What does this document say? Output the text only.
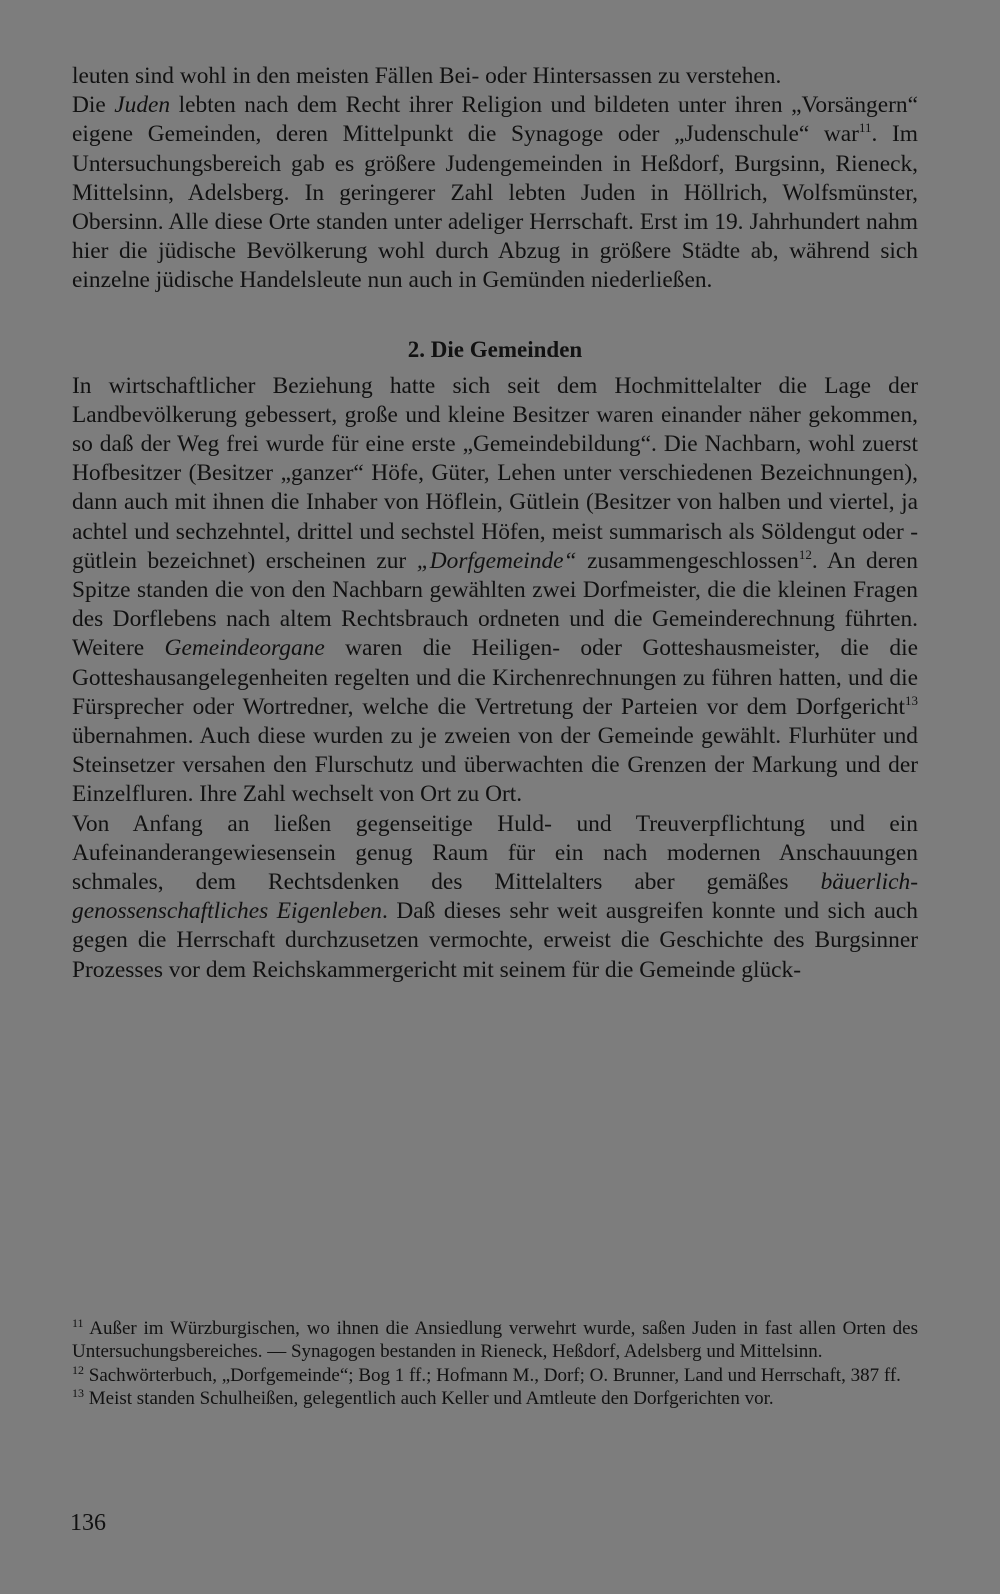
leuten sind wohl in den meisten Fällen Bei- oder Hintersassen zu verstehen.

Die Juden lebten nach dem Recht ihrer Religion und bildeten unter ihren „Vorsängern“ eigene Gemeinden, deren Mittelpunkt die Synagoge oder „Judenschule“ war$^{11}$. Im Untersuchungsbereich gab es größere Judengemeinden in Heßdorf, Burgsinn, Rieneck, Mittelsinn, Adelsberg. In geringerer Zahl lebten Juden in Höllrich, Wolfsmünster, Obersinn. Alle diese Orte standen unter adeliger Herrschaft. Erst im 19. Jahrhundert nahm hier die jüdische Bevölkerung wohl durch Abzug in größere Städte ab, während sich einzelne jüdische Handelsleute nun auch in Gemünden niederließen.

2. Die Gemeinden

In wirtschaftlicher Beziehung hatte sich seit dem Hochmittelalter die Lage der Landbevölkerung gebessert, große und kleine Besitzer waren einander näher gekommen, so daß der Weg frei wurde für eine erste „Gemeindebildung“. Die Nachbarn, wohl zuerst Hofbesitzer (Besitzer „ganzer“ Höfe, Güter, Lehen unter verschiedenen Bezeichnungen), dann auch mit ihnen die Inhaber von Höflein, Gütlein (Besitzer von halben und viertel, ja achtel und sechzehntel, drittel und sechstel Höfen, meist summarisch als Söldengut oder -gütlein bezeichnet) erscheinen zur „Dorfgemeinde“ zusammengeschlossen$^{12}$. An deren Spitze standen die von den Nachbarn gewählten zwei Dorfmeister, die die kleinen Fragen des Dorflebens nach altem Rechtsbrauch ordneten und die Gemeinderechnung führten. Weitere Gemeindeorgane waren die Heiligen- oder Gotteshausmeister, die die Gotteshausangelegenheiten regelten und die Kirchenrechnungen zu führen hatten, und die Fürsprecher oder Wortredner, welche die Vertretung der Parteien vor dem Dorfgericht$^{13}$ übernahmen. Auch diese wurden zu je zweien von der Gemeinde gewählt. Flurhüter und Steinsetzer versahen den Flurschutz und überwachten die Grenzen der Markung und der Einzelfluren. Ihre Zahl wechselt von Ort zu Ort.

Von Anfang an ließen gegenseitige Huld- und Treuverpflichtung und ein Aufeinanderangewiesensein genug Raum für ein nach modernen Anschauungen schmales, dem Rechtsdenken des Mittelalters aber gemäßes bäuerlich-genossenschaftliches Eigenleben. Daß dieses sehr weit ausgreifen konnte und sich auch gegen die Herrschaft durchzusetzen vermochte, erweist die Geschichte des Burgsinner Prozesses vor dem Reichskammergericht mit seinem für die Gemeinde glück-

$^{11}$ Außer im Würzburgischen, wo ihnen die Ansiedlung verwehrt wurde, saßen Juden in fast allen Orten des Untersuchungsbereiches. — Synagogen bestanden in Rieneck, Heßdorf, Adelsberg und Mittelsinn.

$^{12}$ Sachwörterbuch, „Dorfgemeinde“; Bog 1 ff.; Hofmann M., Dorf; O. Brunner, Land und Herrschaft, 387 ff.

$^{13}$ Meist standen Schulheißen, gelegentlich auch Keller und Amtleute den Dorfgerichten vor.

136
